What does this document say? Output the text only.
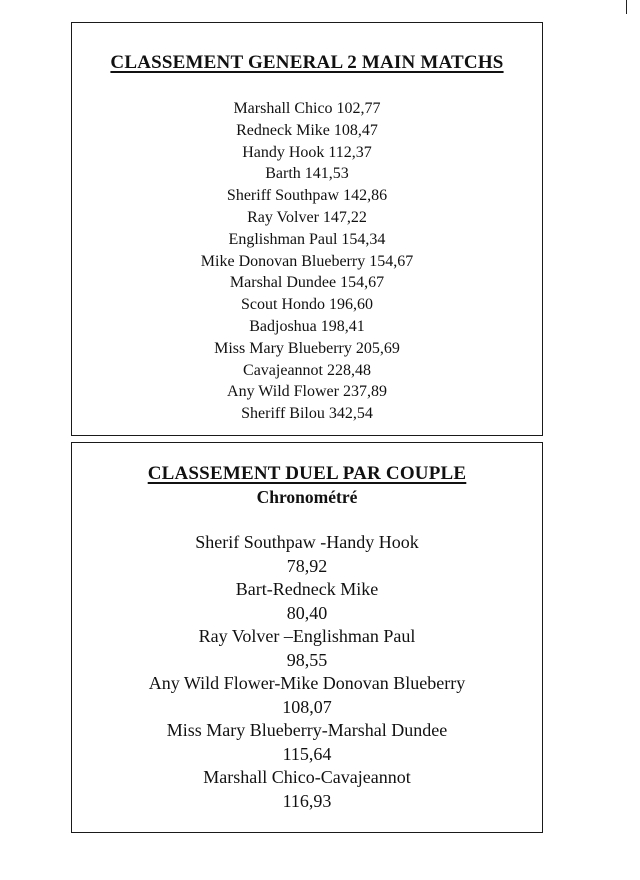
CLASSEMENT GENERAL 2 MAIN MATCHS
Marshall Chico 102,77
Redneck Mike 108,47
Handy Hook 112,37
Barth 141,53
Sheriff Southpaw 142,86
Ray Volver 147,22
Englishman Paul 154,34
Mike Donovan Blueberry 154,67
Marshal Dundee 154,67
Scout Hondo 196,60
Badjoshua 198,41
Miss Mary Blueberry 205,69
Cavajeannot 228,48
Any Wild Flower 237,89
Sheriff Bilou 342,54
CLASSEMENT DUEL PAR COUPLE
Chronométré
Sherif Southpaw -Handy Hook
78,92
Bart-Redneck Mike
80,40
Ray Volver –Englishman Paul
98,55
Any Wild Flower-Mike Donovan Blueberry
108,07
Miss Mary Blueberry-Marshal Dundee
115,64
Marshall Chico-Cavajeannot
116,93
